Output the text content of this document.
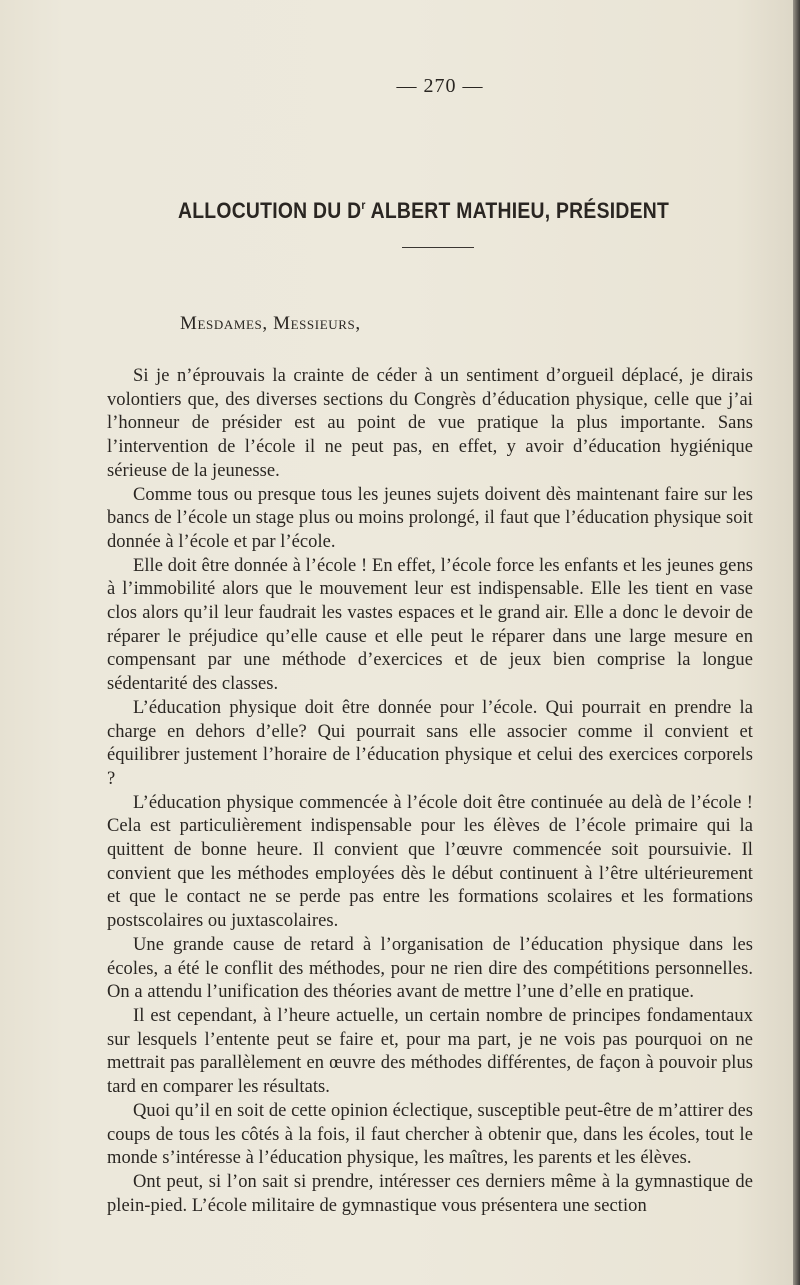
— 270 —
ALLOCUTION DU $D^r$ ALBERT MATHIEU, PRÉSIDENT
Mesdames, Messieurs,

Si je n’éprouvais la crainte de céder à un sentiment d’orgueil déplacé, je dirais volontiers que, des diverses sections du Congrès d’éducation physique, celle que j’ai l’honneur de présider est au point de vue pratique la plus importante. Sans l’intervention de l’école il ne peut pas, en effet, y avoir d’éducation hygiénique sérieuse de la jeunesse.

Comme tous ou presque tous les jeunes sujets doivent dès maintenant faire sur les bancs de l’école un stage plus ou moins prolongé, il faut que l’éducation physique soit donnée à l’école et par l’école.

Elle doit être donnée à l’école ! En effet, l’école force les enfants et les jeunes gens à l’immobilité alors que le mouvement leur est indispensable. Elle les tient en vase clos alors qu’il leur faudrait les vastes espaces et le grand air. Elle a donc le devoir de réparer le préjudice qu’elle cause et elle peut le réparer dans une large mesure en compensant par une méthode d’exercices et de jeux bien comprise la longue sédentarité des classes.

L’éducation physique doit être donnée pour l’école. Qui pourrait en prendre la charge en dehors d’elle? Qui pourrait sans elle associer comme il convient et équilibrer justement l’horaire de l’éducation physique et celui des exercices corporels ?

L’éducation physique commencée à l’école doit être continuée au delà de l’école ! Cela est particulièrement indispensable pour les élèves de l’école primaire qui la quittent de bonne heure. Il convient que l’œuvre commencée soit poursuivie. Il convient que les méthodes employées dès le début continuent à l’être ultérieurement et que le contact ne se perde pas entre les formations scolaires et les formations postscolaires ou juxtascolaires.

Une grande cause de retard à l’organisation de l’éducation physique dans les écoles, a été le conflit des méthodes, pour ne rien dire des compétitions personnelles. On a attendu l’unification des théories avant de mettre l’une d’elle en pratique.

Il est cependant, à l’heure actuelle, un certain nombre de principes fondamentaux sur lesquels l’entente peut se faire et, pour ma part, je ne vois pas pourquoi on ne mettrait pas parallèlement en œuvre des méthodes différentes, de façon à pouvoir plus tard en comparer les résultats.

Quoi qu’il en soit de cette opinion éclectique, susceptible peut-être de m’attirer des coups de tous les côtés à la fois, il faut chercher à obtenir que, dans les écoles, tout le monde s’intéresse à l’éducation physique, les maîtres, les parents et les élèves.

Ont peut, si l’on sait si prendre, intéresser ces derniers même à la gymnastique de plein-pied. L’école militaire de gymnastique vous présentera une section
